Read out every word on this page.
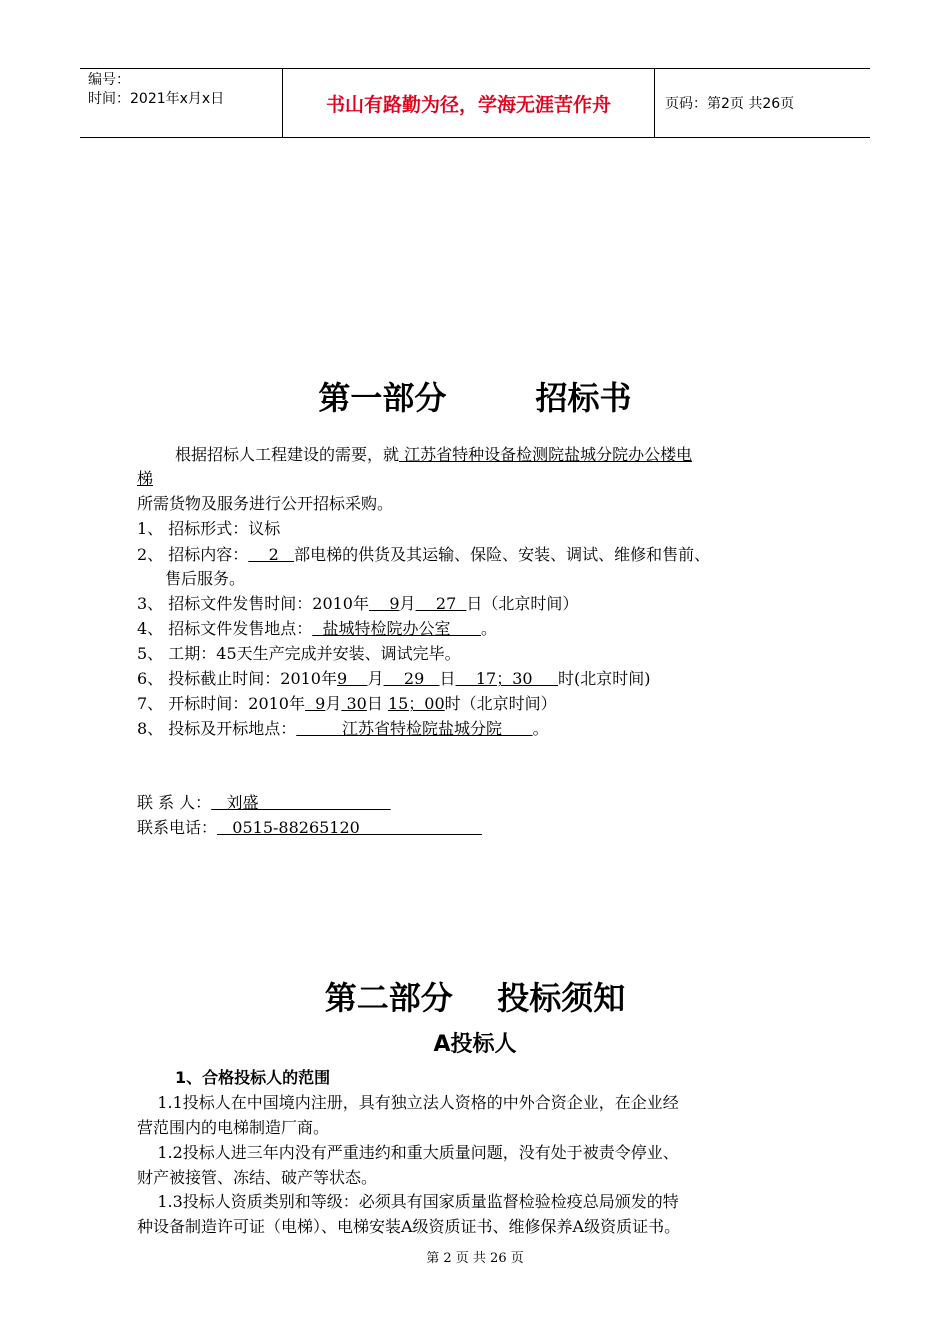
编号：
时间：2021年x月x日	书山有路勤为径，学海无涯苦作舟	页码：第2页 共26页
第一部分        招标书
根据招标人工程建设的需要，就 江苏省特种设备检测院盐城分院办公楼电
梯
所需货物及服务进行公开招标采购。
1、 招标形式：议标
2、 招标内容：    2   部电梯的供货及其运输、保险、安装、调试、维修和售前、
售后服务。
3、 招标文件发售时间：2010年    9月    27  日（北京时间）
4、 招标文件发售地点：  盐城特检院办公室      。
5、 工期：45天生产完成并安装、调试完毕。
6、 投标截止时间：2010年9    月    29   日    17；30     时(北京时间)
7、 开标时间：2010年  9月 30日 15；00时（北京时间）
8、 投标及开标地点：         江苏省特检院盐城分院      。
联 系 人：   刘盛
联系电话：   0515-88265120
第二部分    投标须知
A投标人
1、合格投标人的范围
1.1投标人在中国境内注册，具有独立法人资格的中外合资企业，在企业经
营范围内的电梯制造厂商。
1.2投标人进三年内没有严重违约和重大质量问题，没有处于被责令停业、
财产被接管、冻结、破产等状态。
1.3投标人资质类别和等级：必须具有国家质量监督检验检疫总局颁发的特
种设备制造许可证（电梯）、电梯安装A级资质证书、维修保养A级资质证书。
第 2 页 共 26 页
